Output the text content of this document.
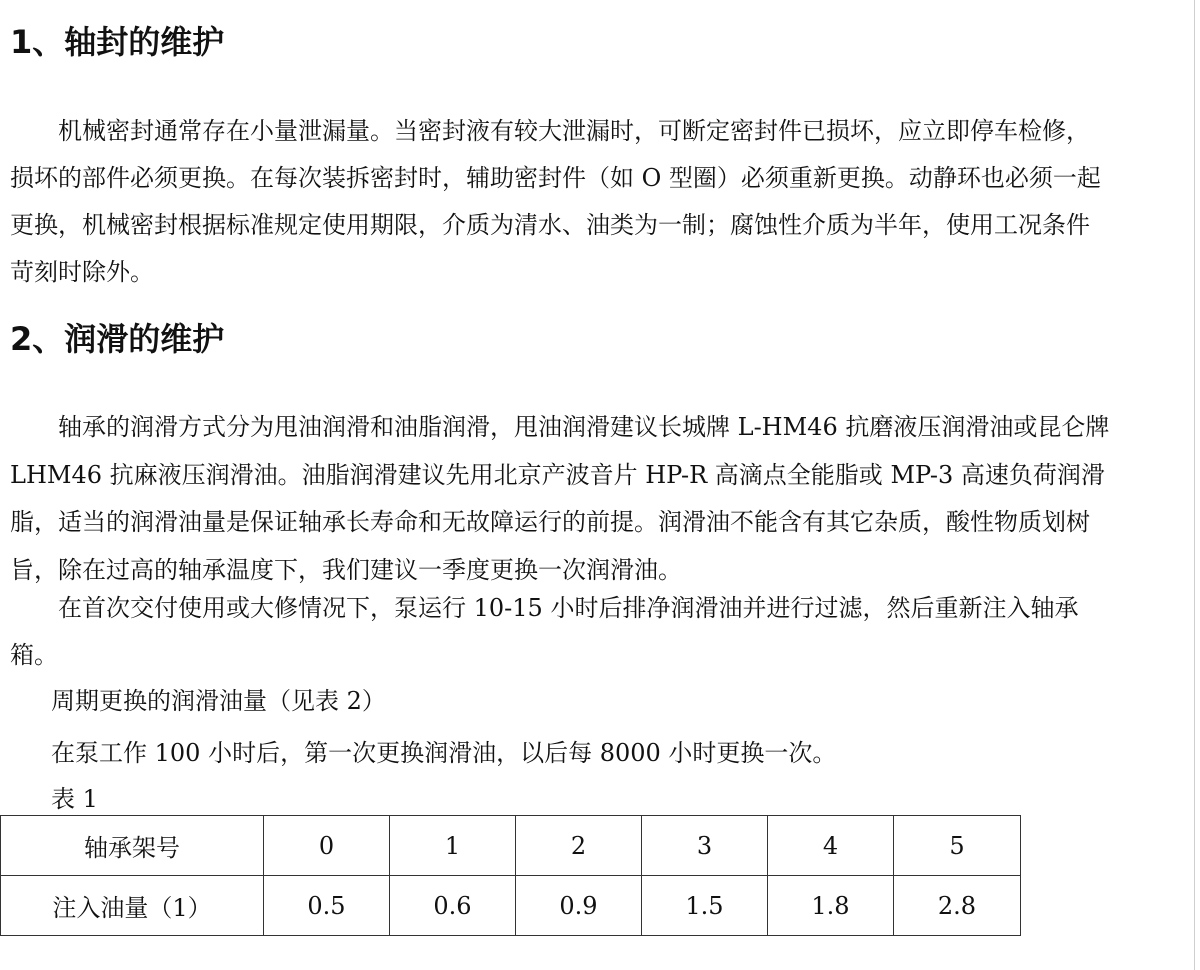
1、轴封的维护

机械密封通常存在小量泄漏量。当密封液有较大泄漏时，可断定密封件已损坏，应立即停车检修，损坏的部件必须更换。在每次装拆密封时，辅助密封件（如 O 型圈）必须重新更换。动静环也必须一起更换，机械密封根据标准规定使用期限，介质为清水、油类为一制；腐蚀性介质为半年，使用工况条件苛刻时除外。

2、润滑的维护

轴承的润滑方式分为甩油润滑和油脂润滑，甩油润滑建议长城牌 L-HM46 抗磨液压润滑油或昆仑牌 LHM46 抗麻液压润滑油。油脂润滑建议先用北京产波音片 HP-R 高滴点全能脂或 MP-3 高速负荷润滑脂，适当的润滑油量是保证轴承长寿命和无故障运行的前提。润滑油不能含有其它杂质，酸性物质划树旨，除在过高的轴承温度下，我们建议一季度更换一次润滑油。

在首次交付使用或大修情况下，泵运行 10-15 小时后排净润滑油并进行过滤，然后重新注入轴承箱。

周期更换的润滑油量（见表 2）

在泵工作 100 小时后，第一次更换润滑油，以后每 8000 小时更换一次。

表 1

轴承架号	0	1	2	3	4	5
注入油量（1）	0.5	0.6	0.9	1.5	1.8	2.8
